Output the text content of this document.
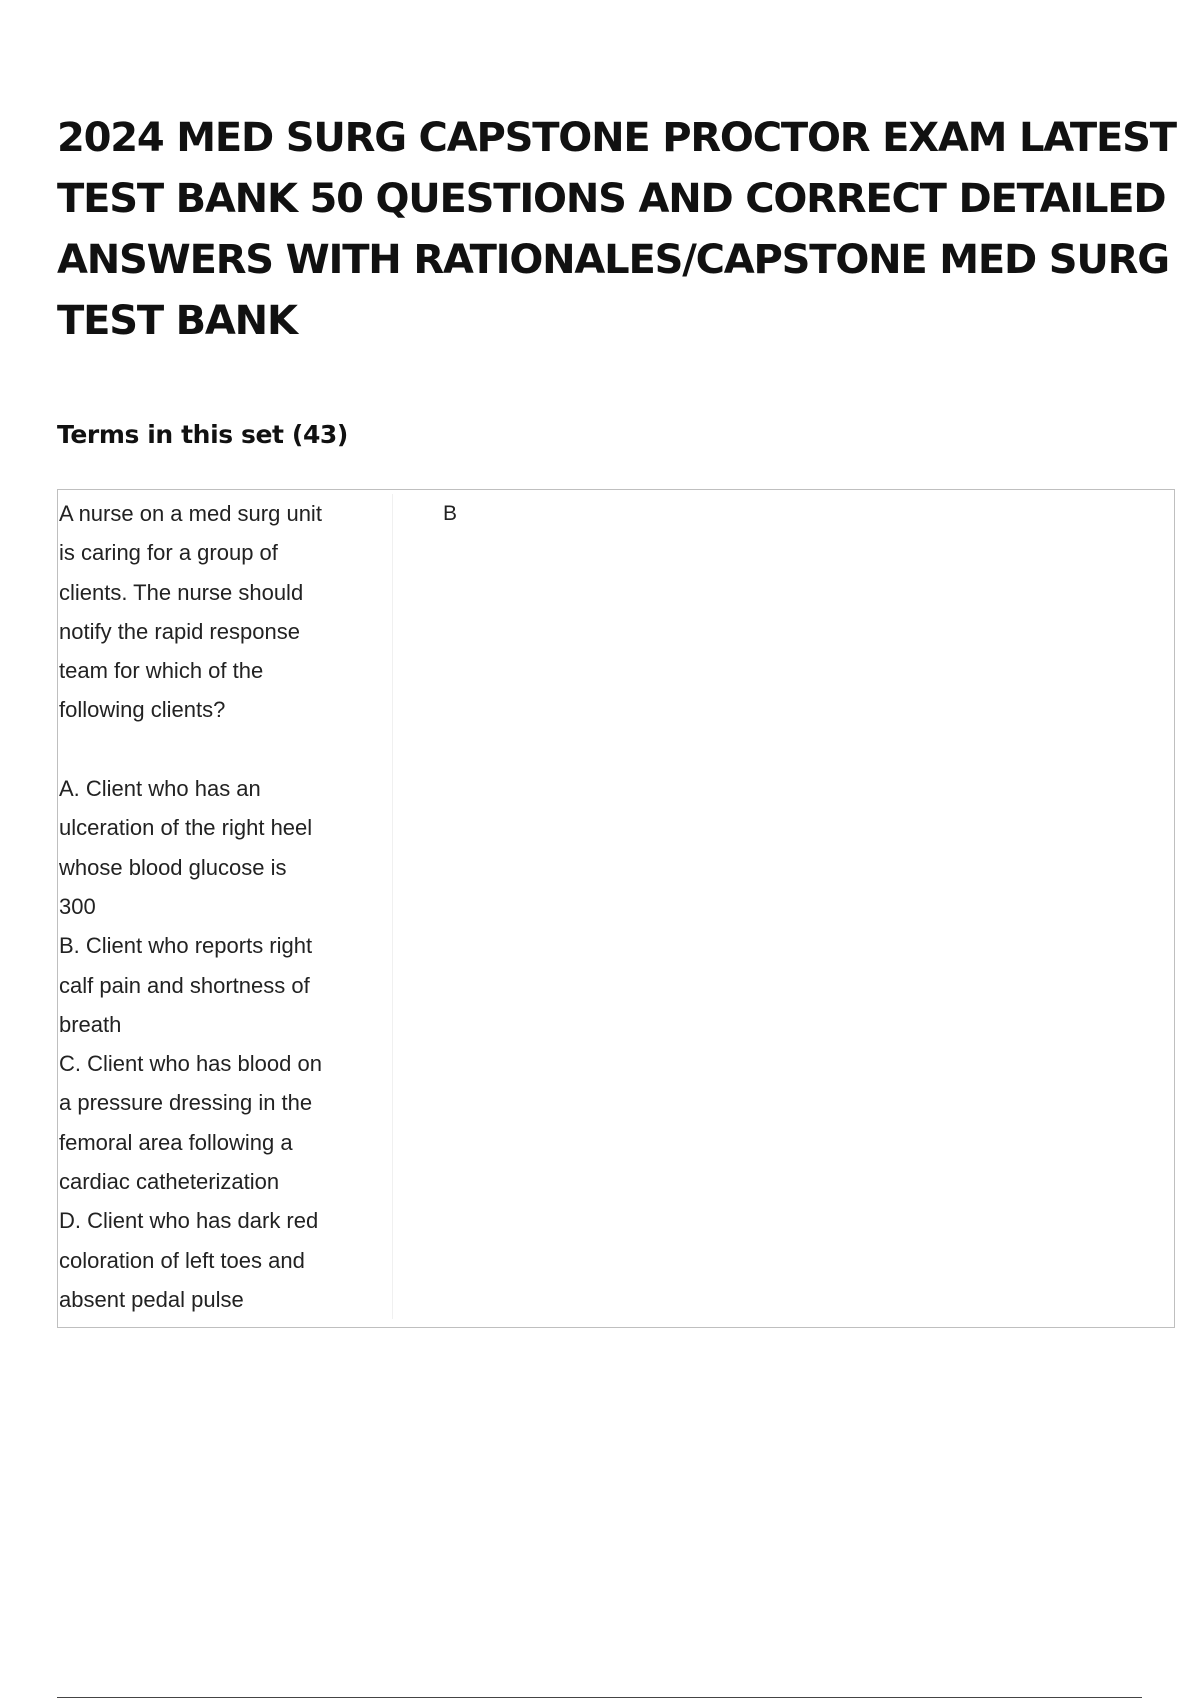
2024 MED SURG CAPSTONE PROCTOR EXAM LATEST TEST BANK 50 QUESTIONS AND CORRECT DETAILED ANSWERS WITH RATIONALES/CAPSTONE MED SURG TEST BANK
Terms in this set (43)

A nurse on a med surg unit
is caring for a group of
clients. The nurse should
notify the rapid response
team for which of the
following clients?

A. Client who has an
ulceration of the right heel
whose blood glucose is
300
B. Client who reports right
calf pain and shortness of
breath
C. Client who has blood on
a pressure dressing in the
femoral area following a
cardiac catheterization
D. Client who has dark red
coloration of left toes and
absent pedal pulse

B
